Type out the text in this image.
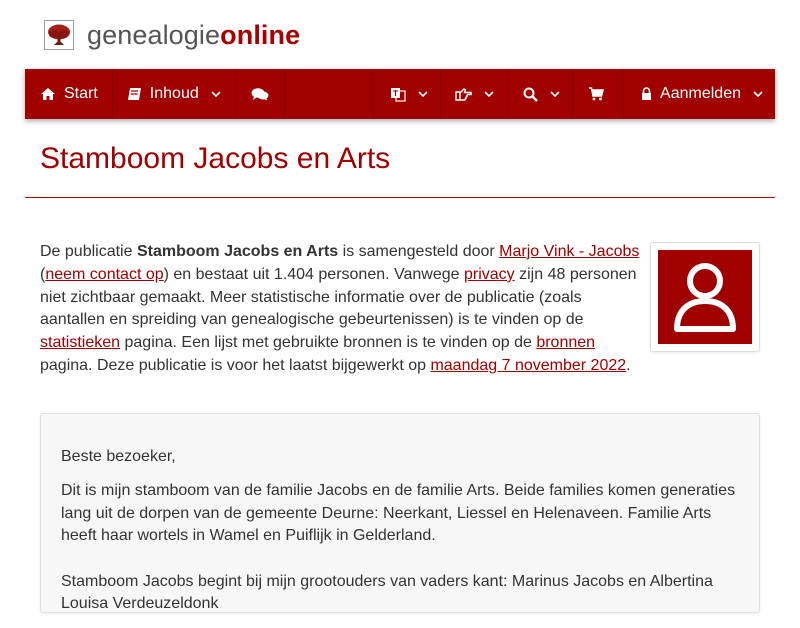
genealogieonline
Start	Inhoud	Aanmelden
Stamboom Jacobs en Arts

De publicatie Stamboom Jacobs en Arts is samengesteld door Marjo Vink - Jacobs (neem contact op) en bestaat uit 1.404 personen. Vanwege privacy zijn 48 personen niet zichtbaar gemaakt. Meer statistische informatie over de publicatie (zoals aantallen en spreiding van genealogische gebeurtenissen) is te vinden op de statistieken pagina. Een lijst met gebruikte bronnen is te vinden op de bronnen pagina. Deze publicatie is voor het laatst bijgewerkt op maandag 7 november 2022.

Beste bezoeker,

Dit is mijn stamboom van de familie Jacobs en de familie Arts. Beide families komen generaties lang uit de dorpen van de gemeente Deurne: Neerkant, Liessel en Helenaveen. Familie Arts heeft haar wortels in Wamel en Puiflijk in Gelderland.

Stamboom Jacobs begint bij mijn grootouders van vaders kant: Marinus Jacobs en Albertina Louisa Verdeuzeldonk
